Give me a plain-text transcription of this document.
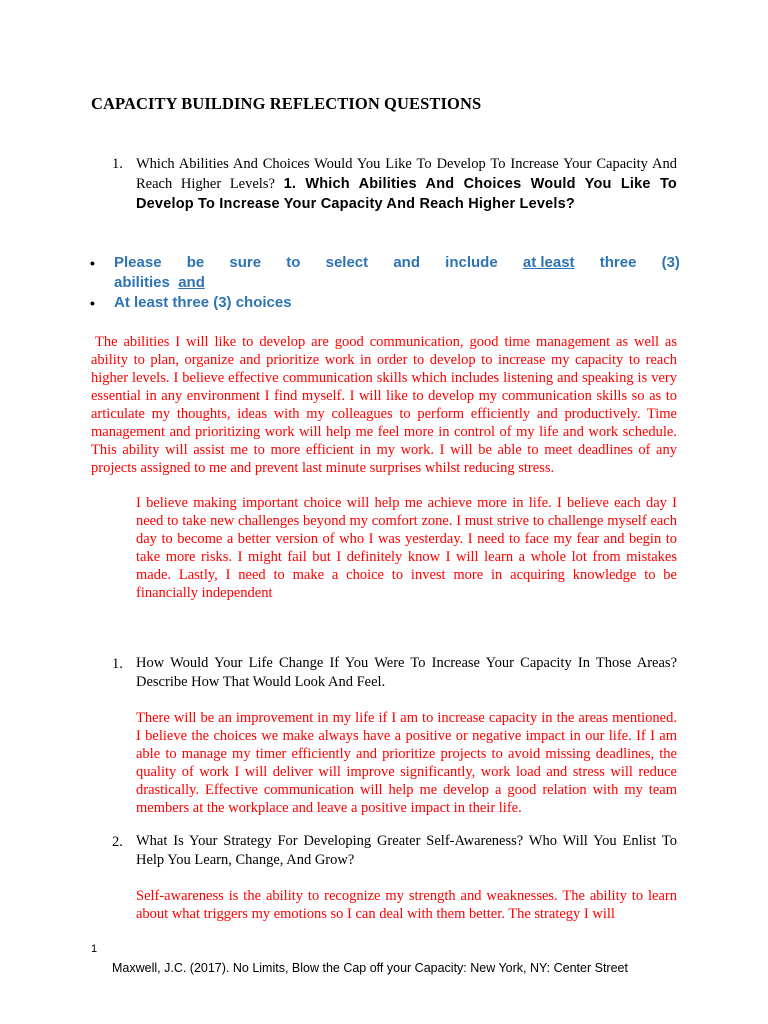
CAPACITY BUILDING REFLECTION QUESTIONS
1. Which Abilities And Choices Would You Like To Develop To Increase Your Capacity And Reach Higher Levels? 1. Which Abilities And Choices Would You Like To Develop To Increase Your Capacity And Reach Higher Levels?
• Please be sure to select and include at least three (3)
abilities and
• At least three (3) choices
The abilities I will like to develop are good communication, good time management as well as ability to plan, organize and prioritize work in order to develop to increase my capacity to reach higher levels. I believe effective communication skills which includes listening and speaking is very essential in any environment I find myself. I will like to develop my communication skills so as to articulate my thoughts, ideas with my colleagues to perform efficiently and productively. Time management and prioritizing work will help me feel more in control of my life and work schedule. This ability will assist me to more efficient in my work. I will be able to meet deadlines of any projects assigned to me and prevent last minute surprises whilst reducing stress.
I believe making important choice will help me achieve more in life. I believe each day I need to take new challenges beyond my comfort zone. I must strive to challenge myself each day to become a better version of who I was yesterday. I need to face my fear and begin to take more risks. I might fail but I definitely know I will learn a whole lot from mistakes made. Lastly, I need to make a choice to invest more in acquiring knowledge to be financially independent
1. How Would Your Life Change If You Were To Increase Your Capacity In Those Areas? Describe How That Would Look And Feel.
There will be an improvement in my life if I am to increase capacity in the areas mentioned. I believe the choices we make always have a positive or negative impact in our life. If I am able to manage my timer efficiently and prioritize projects to avoid missing deadlines, the quality of work I will deliver will improve significantly, work load and stress will reduce drastically. Effective communication will help me develop a good relation with my team members at the workplace and leave a positive impact in their life.
2. What Is Your Strategy For Developing Greater Self-Awareness? Who Will You Enlist To Help You Learn, Change, And Grow?
Self-awareness is the ability to recognize my strength and weaknesses. The ability to learn about what triggers my emotions so I can deal with them better. The strategy I will
1
Maxwell, J.C. (2017). No Limits, Blow the Cap off your Capacity: New York, NY: Center Street
